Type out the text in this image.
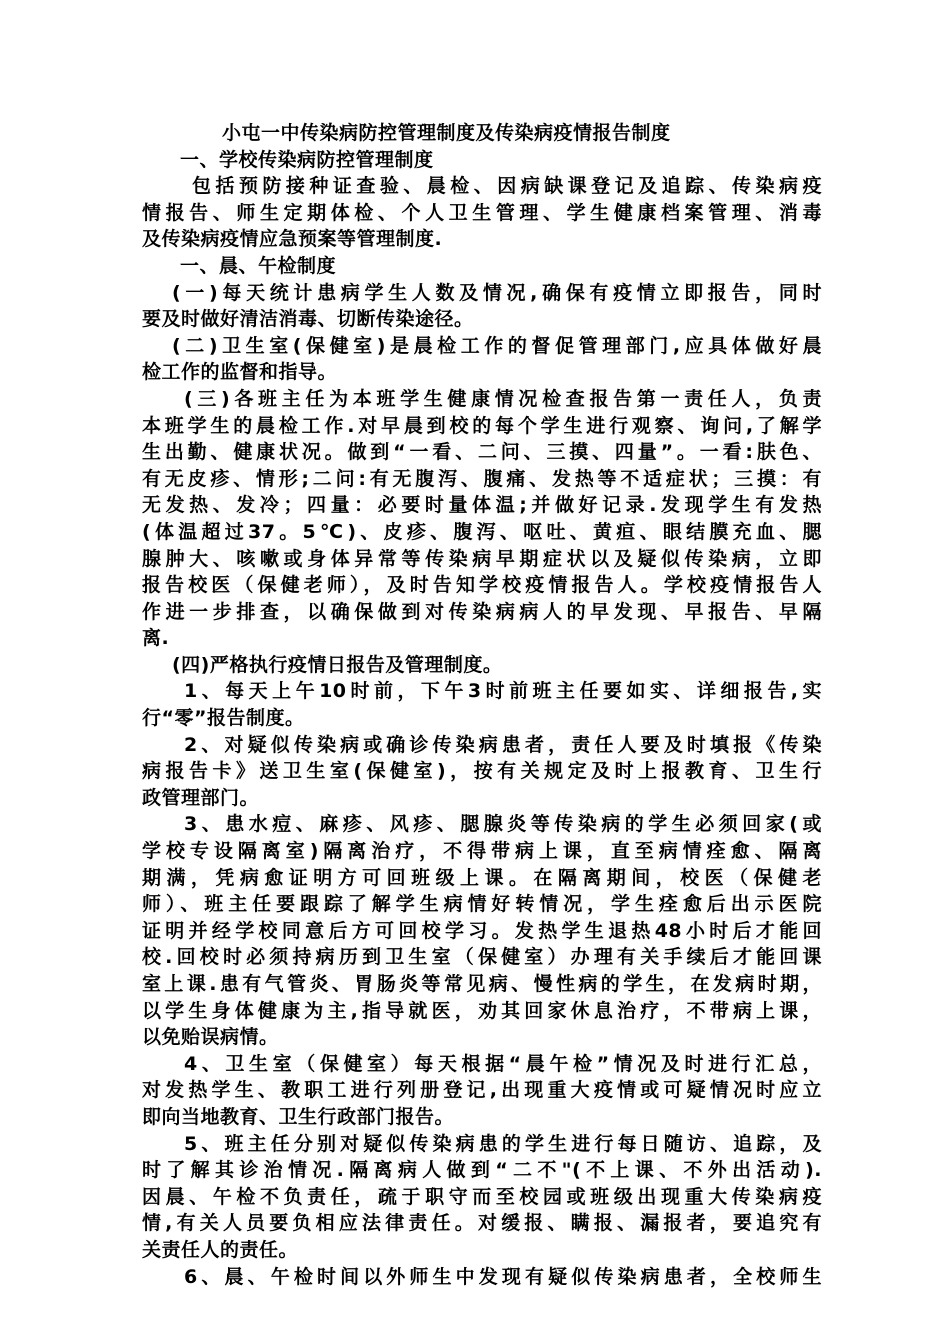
小屯一中传染病防控管理制度及传染病疫情报告制度
一、学校传染病防控管理制度
包括预防接种证查验、晨检、因病缺课登记及追踪、传染病疫
情报告、师生定期体检、个人卫生管理、学生健康档案管理、消毒
及传染病疫情应急预案等管理制度.
一、晨、午检制度
(一)每天统计患病学生人数及情况,确保有疫情立即报告，同时
要及时做好清洁消毒、切断传染途径。
(二)卫生室(保健室)是晨检工作的督促管理部门,应具体做好晨
检工作的监督和指导。
(三)各班主任为本班学生健康情况检查报告第一责任人，负责
本班学生的晨检工作.对早晨到校的每个学生进行观察、询问,了解学
生出勤、健康状况。做到“一看、二问、三摸、四量”。一看:肤色、
有无皮疹、情形;二问:有无腹泻、腹痛、发热等不适症状；三摸：有
无发热、发冷；四量：必要时量体温;并做好记录.发现学生有发热
(体温超过37。5℃)、皮疹、腹泻、呕吐、黄疸、眼结膜充血、腮
腺肿大、咳嗽或身体异常等传染病早期症状以及疑似传染病，立即
报告校医（保健老师），及时告知学校疫情报告人。学校疫情报告人
作进一步排查，以确保做到对传染病病人的早发现、早报告、早隔
离.
(四)严格执行疫情日报告及管理制度。
1、每天上午10时前，下午3时前班主任要如实、详细报告,实
行“零”报告制度。
2、对疑似传染病或确诊传染病患者，责任人要及时填报《传染
病报告卡》送卫生室(保健室)，按有关规定及时上报教育、卫生行
政管理部门。
3、患水痘、麻疹、风疹、腮腺炎等传染病的学生必须回家(或
学校专设隔离室)隔离治疗，不得带病上课，直至病情痊愈、隔离
期满，凭病愈证明方可回班级上课。在隔离期间，校医（保健老
师）、班主任要跟踪了解学生病情好转情况，学生痊愈后出示医院
证明并经学校同意后方可回校学习。发热学生退热48小时后才能回
校.回校时必须持病历到卫生室（保健室）办理有关手续后才能回课
室上课.患有气管炎、胃肠炎等常见病、慢性病的学生，在发病时期，
以学生身体健康为主,指导就医，劝其回家休息治疗，不带病上课，
以免贻误病情。
4、卫生室（保健室）每天根据“晨午检”情况及时进行汇总，
对发热学生、教职工进行列册登记,出现重大疫情或可疑情况时应立
即向当地教育、卫生行政部门报告。
5、班主任分别对疑似传染病患的学生进行每日随访、追踪，及
时了解其诊治情况.隔离病人做到“二不"(不上课、不外出活动).
因晨、午检不负责任，疏于职守而至校园或班级出现重大传染病疫
情,有关人员要负相应法律责任。对缓报、瞒报、漏报者，要追究有
关责任人的责任。
6、晨、午检时间以外师生中发现有疑似传染病患者，全校师生
